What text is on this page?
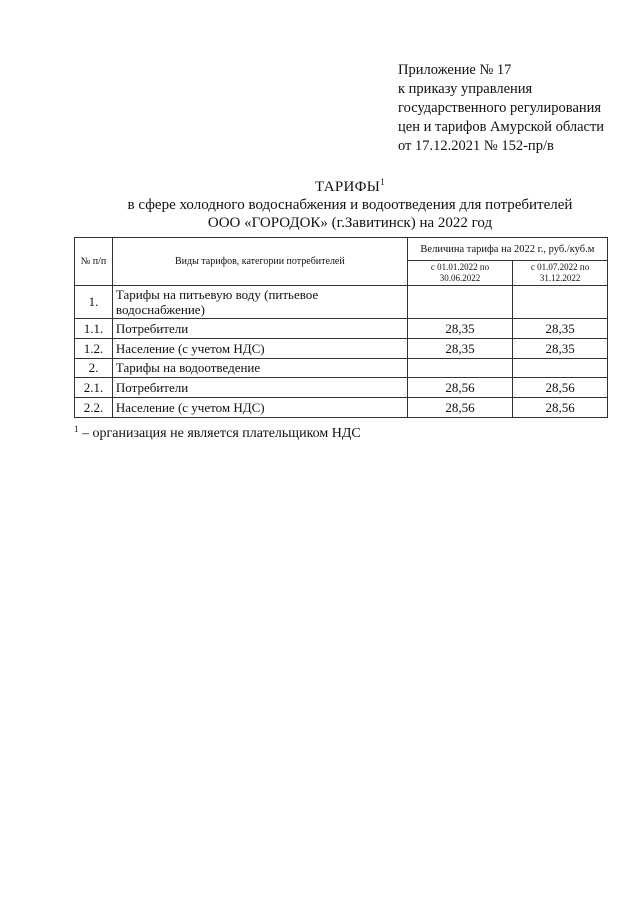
Приложение № 17
к приказу управления
государственного регулирования
цен и тарифов Амурской области
от 17.12.2021 № 152-пр/в
ТАРИФЫ$^1$
в сфере холодного водоснабжения и водоотведения для потребителей
ООО «ГОРОДОК» (г.Завитинск) на 2022 год
№ п/п	Виды тарифов, категории потребителей	Величина тарифа на 2022 г., руб./куб.м	
		с 01.01.2022 по 30.06.2022	с 01.07.2022 по 31.12.2022
1.	Тарифы на питьевую воду (питьевое водоснабжение)		
1.1.	Потребители	28,35	28,35
1.2.	Население (с учетом НДС)	28,35	28,35
2.	Тарифы на водоотведение		
2.1.	Потребители	28,56	28,56
2.2.	Население (с учетом НДС)	28,56	28,56
$^1$ – организация не является плательщиком НДС
